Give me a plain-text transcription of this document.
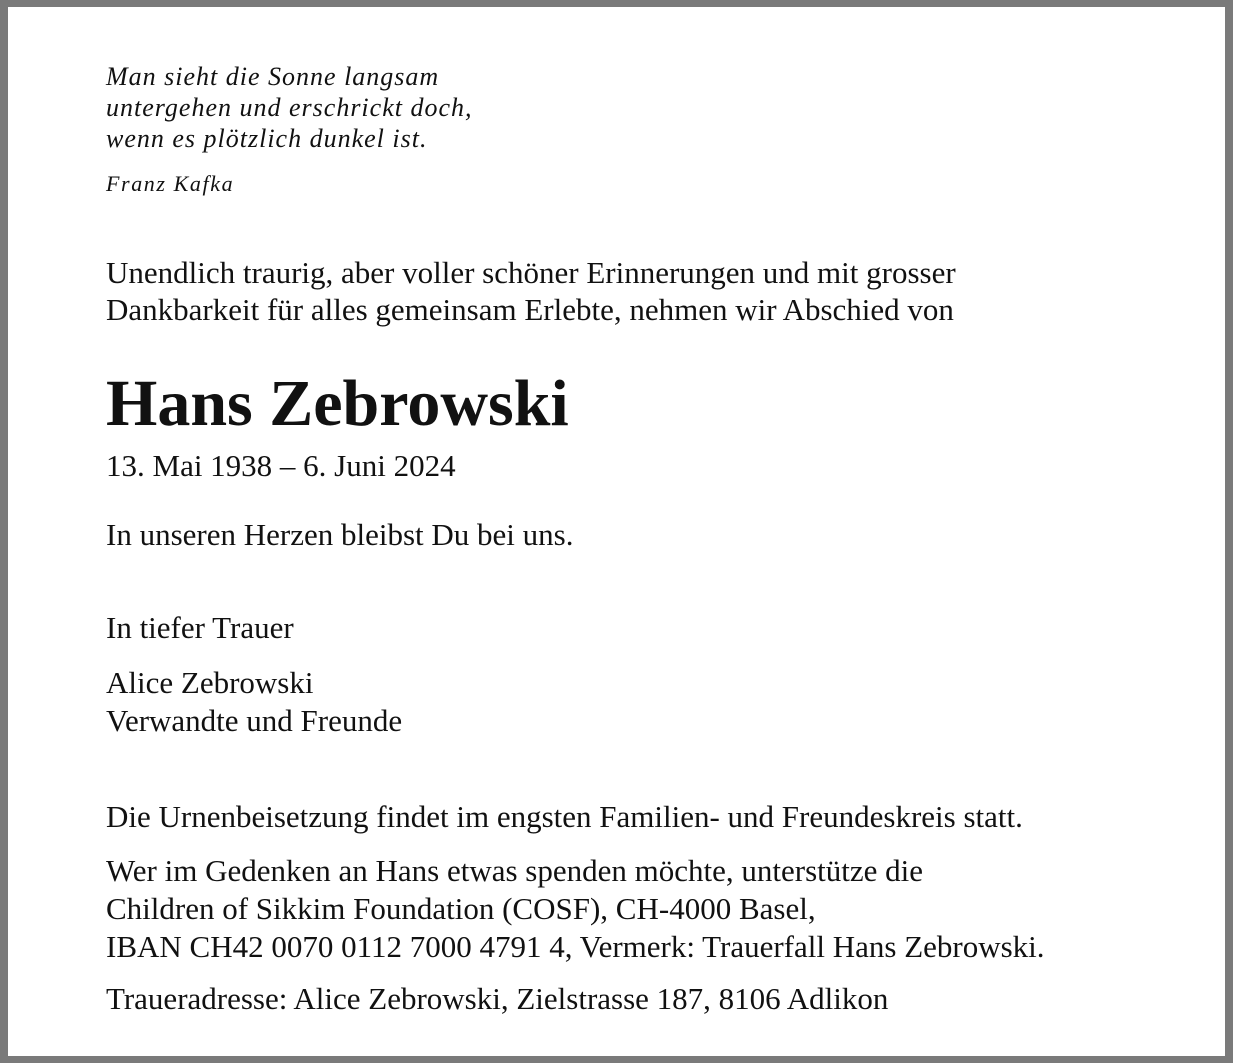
Man sieht die Sonne langsam
untergehen und erschrickt doch,
wenn es plötzlich dunkel ist.
Franz Kafka
Unendlich traurig, aber voller schöner Erinnerungen und mit grosser
Dankbarkeit für alles gemeinsam Erlebte, nehmen wir Abschied von
Hans Zebrowski
13. Mai 1938 – 6. Juni 2024
In unseren Herzen bleibst Du bei uns.
In tiefer Trauer
Alice Zebrowski
Verwandte und Freunde
Die Urnenbeisetzung findet im engsten Familien- und Freundeskreis statt.
Wer im Gedenken an Hans etwas spenden möchte, unterstütze die
Children of Sikkim Foundation (COSF), CH-4000 Basel,
IBAN CH42 0070 0112 7000 4791 4, Vermerk: Trauerfall Hans Zebrowski.
Traueradresse: Alice Zebrowski, Zielstrasse 187, 8106 Adlikon
